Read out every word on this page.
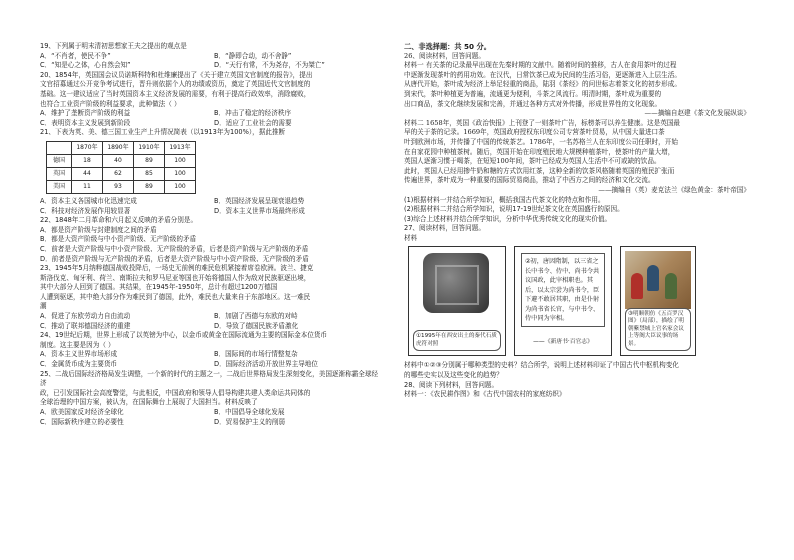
19、下列属于明末清初思想家王夫之提出的观点是

A．“不肖者，使民不争”	B．“静即合动，动不舍静”
C．“知是心之体，心自然会知”	D．“天行有常，不为尧存，不为桀亡”

20、1854年，英国国会议员诺斯科特和杜维廉提出了《关于建立英国文官制度的报告》，提出

文官招募通过公开竞争考试进行，晋升则依据个人的功绩或资历，奠定了英国近代文官制度的

基础。这一建议适应了当时英国资本主义经济发展的需要，有利于提高行政效率，消除腐败，

也符合工业资产阶级的利益要求，此种做法（ ）

A．维护了垄断资产阶级的利益	B．冲击了稳定的经济秩序
C．表明资本主义发展到新阶段	D．适应了工业社会的需要

21、下表为英、美、德三国工业生产上升情况简表（以1913年为100%），据此推断

	1870年	1890年	1910年	1913年
德国	18	40	89	100
英国	44	62	85	100
美国	11	93	89	100
A．资本主义各国城市化迅速完成	B．英国经济发展呈现衰退趋势
C．科技对经济发展作用较显著	D．资本主义世界市场最终形成

22、1848年二月革命和六月起义反映的矛盾分别是。

A．都是资产阶级与封建制度之间的矛盾

B．都是大资产阶级与中小资产阶级、无产阶级的矛盾

C．前者是大资产阶级与中小资产阶级、无产阶级的矛盾，后者是资产阶级与无产阶级的矛盾

D．前者是资产阶级与无产阶级的矛盾，后者是大资产阶级与中小资产阶级、无产阶级的矛盾

23、1945年5月纳粹德国战败投降后，一场史无前例的难民危机紧接着席卷欧洲。波兰、捷克

斯洛伐克、匈牙利、荷兰、南斯拉夫和罗马尼亚等国也开始将德国人作为敌对民族驱逐出境，

其中大部分人回到了德国。其结果，在1945年-1950年，总计有超过1200万德国

人遭到驱逐，其中绝大部分作为难民到了德国，此外，难民也大量来自于东部地区。这一难民

潮

A．促进了东欧劳动力自由流动	B．加剧了西德与东欧的对峙
C．推动了联邦德国经济的重建	D．导致了德国民族矛盾激化

24、19世纪后期，世界上形成了以英镑为中心，以金币或黄金在国际流通为主要的国际金本位货币

制度。这主要是因为（ ）

A．资本主义世界市场形成	B．国际间的市场行情整复杂
C．金属货币成为主要货币	D．国际经济活动开放世界主导地位

25、二战后国际经济格局发生调整，一个新的时代的主题之一，二战后世界格局发生深刻变化，美国逐渐称霸全球经济

政，已引发国际社会高度警觉，与此相反，中国政府和领导人倡导构建共建人类命运共同体的

全球治理的中国方案，被认为，在国际舞台上展现了大国担当。材料反映了

A．欧美国家反对经济全球化	B．中国倡导全球化发展
C．国际新秩序建立的必要性	D．贸易保护主义的削弱

二、非选择题：共 50 分。

26、阅读材料，回答问题。

材料一 有关茶的记录最早出现在先秦时期的文献中。随着时间的推移，古人在食用茶叶的过程

中逐渐发现茶叶的药用功效。在汉代，日常饮茶已成为民间的生活习俗，更逐渐进入上层生活。

从唐代开始，茶叶成为经济上举足轻重的商品，陆羽《茶经》的问世标志着茶文化的初步形成。

到宋代，茶叶种植更为普遍，流通更为便利，斗茶之风流行。明清时期，茶叶成为重要的

出口商品，茶文化继续发展和完善，并通过各种方式对外传播，形成世界性的文化现象。

——摘编自赵建《茶文化发展纵谈》

材料二 1658年，英国《政治快报》上刊登了一则茶叶广告，标榜茶可以养生健康。这是英国最

早的关于茶的记录。1669年，英国政府授权东印度公司专营茶叶贸易，从中国大量进口茶

叶到欧洲市场，并传播了中国的传统茶艺。1786年，一名苏格兰人在东印度公司任职时，开始

在自家花园中种植茶树。随后，英国开始在印度殖民地大规模种植茶叶，使茶叶的产量大增，

英国人逐渐习惯于喝茶，在短短100年间，茶叶已经成为英国人生活中不可或缺的饮品。

此时，英国人已经用掺牛奶和糖的方式饮用红茶，这种全新的饮茶风格随着英国的殖民扩张而

传遍世界，茶叶成为一种重要的国际贸易商品，推动了中西方之间的经济和文化交流。

——摘编自（英）麦克法兰《绿色黄金：茶叶帝国》

(1)根据材料一并结合所学知识，概括我国古代茶文化的特点和作用。

(2)根据材料二并结合所学知识，说明17-19世纪茶文化在英国盛行的原因。

(3)综合上述材料并结合所学知识，分析中华优秀传统文化的现实价值。

27、阅读材料，回答问题。

材料

①1995年在西安出土的秦代石质虎符对照
②初，唐因隋制，以三省之长中书令、侍中、尚书令共议国政，此宰相职也。其后，以太宗尝为尚书令，臣下避不敢居其职，由是仆射为尚书省长官，与中书令、侍中同为宰相。
——《新唐书·百官志》
③明顺朝仿《五百罗汉图》（局部），描绘了明朝紫禁城上官名家会议上等阁大臣议事的场景。

材料中①②③分别属于哪种类型的史料？结合所学，说明上述材料印证了中国古代中枢机构变化

的哪些史实以及这些变化的趋势？

28、阅读下列材料，回答问题。

材料一：《农民耕作图》和《古代中国农村的家庭纺织》
